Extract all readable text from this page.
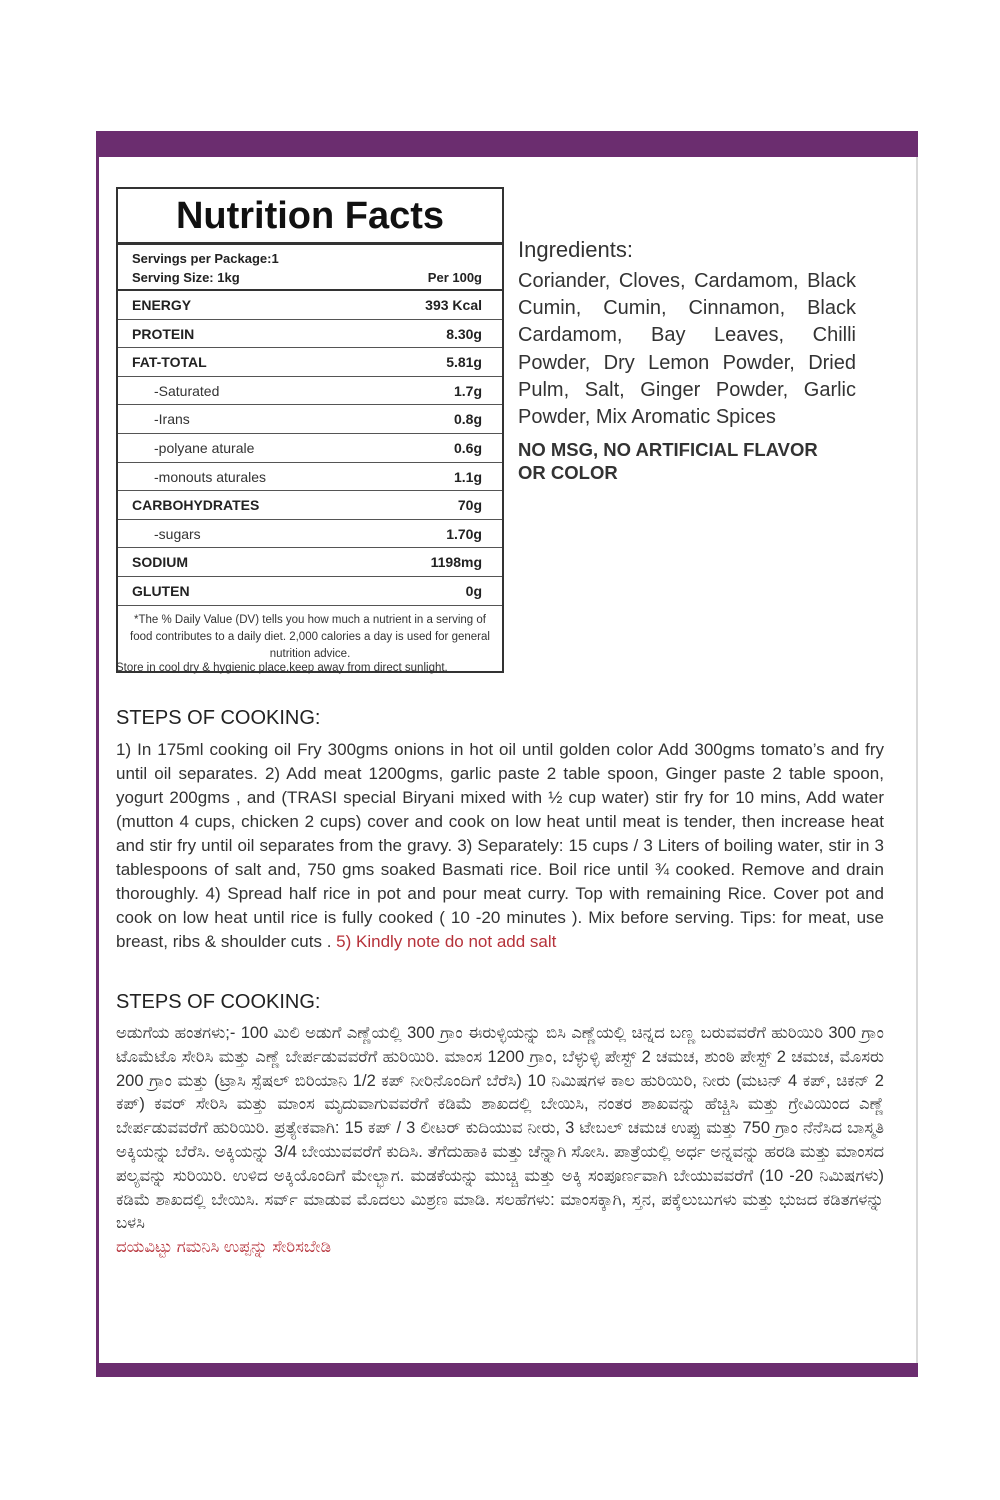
Nutrition Facts
Servings per Package:1
Serving Size: 1kg	Per 100g
ENERGY	393 Kcal
PROTEIN	8.30g
FAT-TOTAL	5.81g
-Saturated	1.7g
-Irans	0.8g
-polyane aturale	0.6g
-monouts aturales	1.1g
CARBOHYDRATES	70g
-sugars	1.70g
SODIUM	1198mg
GLUTEN	0g
*The % Daily Value (DV) tells you how much a nutrient in a serving of food contributes to a daily diet. 2,000 calories a day is used for general nutrition advice.
Store in cool dry & hygienic place.keep away from direct sunlight.
Ingredients:
Coriander, Cloves, Cardamom, Black Cumin, Cumin, Cinnamon, Black Cardamom, Bay Leaves, Chilli Powder, Dry Lemon Powder, Dried Pulm, Salt, Ginger Powder, Garlic Powder, Mix Aromatic Spices
NO MSG, NO ARTIFICIAL FLAVOR OR COLOR
STEPS OF COOKING:
1) In 175ml cooking oil Fry 300gms onions in hot oil until golden color Add 300gms tomato’s and fry until oil separates. 2) Add meat 1200gms, garlic paste 2 table spoon, Ginger paste 2 table spoon, yogurt 200gms , and (TRASI special Biryani mixed with ½ cup water) stir fry for 10 mins, Add water (mutton 4 cups, chicken 2 cups) cover and cook on low heat until meat is tender, then increase heat and stir fry until oil separates from the gravy. 3) Separately: 15 cups / 3 Liters of boiling water, stir in 3 tablespoons of salt and, 750 gms soaked Basmati rice. Boil rice until ¾ cooked. Remove and drain thoroughly. 4) Spread half rice in pot and pour meat curry. Top with remaining Rice. Cover pot and cook on low heat until rice is fully cooked ( 10 -20 minutes ). Mix before serving. Tips: for meat, use breast, ribs & shoulder cuts . 5) Kindly note do not add salt
STEPS OF COOKING:
ಅಡುಗೆಯ ಹಂತಗಳು;- 100 ಮಿಲಿ ಅಡುಗೆ ಎಣ್ಣೆಯಲ್ಲಿ 300 ಗ್ರಾಂ ಈರುಳ್ಳಿಯನ್ನು ಬಿಸಿ ಎಣ್ಣೆಯಲ್ಲಿ ಚಿನ್ನದ ಬಣ್ಣ ಬರುವವರೆಗೆ ಹುರಿಯಿರಿ 300 ಗ್ರಾಂ ಟೊಮೆಟೊ ಸೇರಿಸಿ ಮತ್ತು ಎಣ್ಣೆ ಬೇರ್ಪಡುವವರೆಗೆ ಹುರಿಯಿರಿ. ಮಾಂಸ 1200 ಗ್ರಾಂ, ಬೆಳ್ಳುಳ್ಳಿ ಪೇಸ್ಟ್ 2 ಚಮಚ, ಶುಂಠಿ ಪೇಸ್ಟ್ 2 ಚಮಚ, ಮೊಸರು 200 ಗ್ರಾಂ ಮತ್ತು (ಟ್ರಾಸಿ ಸ್ಪೆಷಲ್ ಬಿರಿಯಾನಿ 1/2 ಕಪ್ ನೀರಿನೊಂದಿಗೆ ಬೆರೆಸಿ) 10 ನಿಮಿಷಗಳ ಕಾಲ ಹುರಿಯಿರಿ, ನೀರು (ಮಟನ್ 4 ಕಪ್, ಚಿಕನ್ 2 ಕಪ್) ಕವರ್ ಸೇರಿಸಿ ಮತ್ತು ಮಾಂಸ ಮೃದುವಾಗುವವರೆಗೆ ಕಡಿಮೆ ಶಾಖದಲ್ಲಿ ಬೇಯಿಸಿ, ನಂತರ ಶಾಖವನ್ನು ಹೆಚ್ಚಿಸಿ ಮತ್ತು ಗ್ರೇವಿಯಿಂದ ಎಣ್ಣೆ ಬೇರ್ಪಡುವವರೆಗೆ ಹುರಿಯಿರಿ. ಪ್ರತ್ಯೇಕವಾಗಿ: 15 ಕಪ್ / 3 ಲೀಟರ್ ಕುದಿಯುವ ನೀರು, 3 ಟೇಬಲ್ ಚಮಚ ಉಪ್ಪು ಮತ್ತು 750 ಗ್ರಾಂ ನೆನೆಸಿದ ಬಾಸ್ಮತಿ ಅಕ್ಕಿಯನ್ನು ಬೆರೆಸಿ. ಅಕ್ಕಿಯನ್ನು 3/4 ಬೇಯುವವರೆಗೆ ಕುದಿಸಿ. ತೆಗೆದುಹಾಕಿ ಮತ್ತು ಚೆನ್ನಾಗಿ ಸೋಸಿ. ಪಾತ್ರೆಯಲ್ಲಿ ಅರ್ಧ ಅನ್ನವನ್ನು ಹರಡಿ ಮತ್ತು ಮಾಂಸದ ಪಲ್ಯವನ್ನು ಸುರಿಯಿರಿ. ಉಳಿದ ಅಕ್ಕಿಯೊಂದಿಗೆ ಮೇಲ್ಭಾಗ. ಮಡಕೆಯನ್ನು ಮುಚ್ಚಿ ಮತ್ತು ಅಕ್ಕಿ ಸಂಪೂರ್ಣವಾಗಿ ಬೇಯುವವರೆಗೆ (10 -20 ನಿಮಿಷಗಳು) ಕಡಿಮೆ ಶಾಖದಲ್ಲಿ ಬೇಯಿಸಿ. ಸರ್ವ್ ಮಾಡುವ ಮೊದಲು ಮಿಶ್ರಣ ಮಾಡಿ. ಸಲಹೆಗಳು: ಮಾಂಸಕ್ಕಾಗಿ, ಸ್ತನ, ಪಕ್ಕೆಲುಬುಗಳು ಮತ್ತು ಭುಜದ ಕಡಿತಗಳನ್ನು ಬಳಸಿ
ದಯವಿಟ್ಟು ಗಮನಿಸಿ ಉಪ್ಪನ್ನು ಸೇರಿಸಬೇಡಿ
